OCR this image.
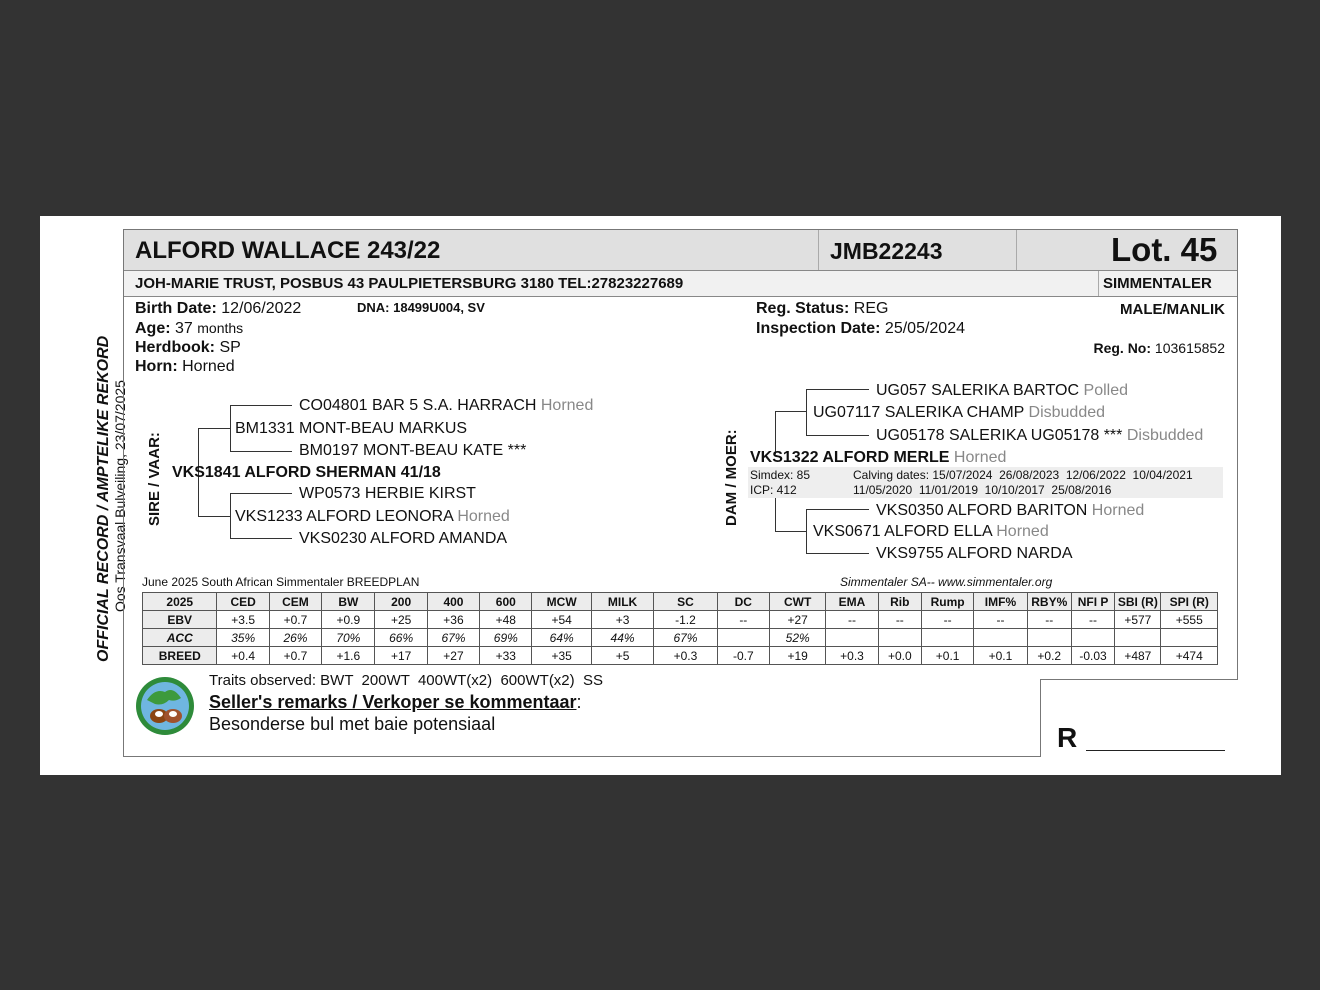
OFFICIAL RECORD / AMPTELIKE REKORD Oos Transvaal Bulveiling, 23/07/2025
ALFORD WALLACE 243/22	JMB22243	Lot. 45
JOH-MARIE TRUST, POSBUS 43 PAULPIETERSBURG 3180 TEL:27823227689	SIMMENTALER
Birth Date: 12/06/2022	DNA: 18499U004, SV
Age: 37 months
Herdbook: SP
Horn: Horned
Reg. Status: REG
Inspection Date: 25/05/2024
MALE/MANLIK
Reg. No: 103615852
SIRE / VAAR:
CO04801 BAR 5 S.A. HARRACH Horned
BM1331 MONT-BEAU MARKUS
BM0197 MONT-BEAU KATE ***
VKS1841 ALFORD SHERMAN 41/18
WP0573 HERBIE KIRST
VKS1233 ALFORD LEONORA Horned
VKS0230 ALFORD AMANDA
DAM / MOER:
UG057 SALERIKA BARTOC Polled
UG07117 SALERIKA CHAMP Disbudded
UG05178 SALERIKA UG05178 *** Disbudded
VKS1322 ALFORD MERLE Horned
Simdex: 85
ICP: 412
Calving dates: 15/07/2024  26/08/2023  12/06/2022  10/04/2021
11/05/2020  11/01/2019  10/10/2017  25/08/2016
VKS0350 ALFORD BARITON Horned
VKS0671 ALFORD ELLA Horned
VKS9755 ALFORD NARDA
June 2025 South African Simmentaler BREEDPLAN	Simmentaler SA-- www.simmentaler.org
2025	CED	CEM	BW	200	400	600	MCW	MILK	SC	DC	CWT	EMA	Rib	Rump	IMF%	RBY%	NFI P	SBI (R)	SPI (R)
EBV	+3.5	+0.7	+0.9	+25	+36	+48	+54	+3	-1.2	--	+27	--	--	--	--	--	--	+577	+555
ACC	35%	26%	70%	66%	67%	69%	64%	44%	67%		52%								
BREED	+0.4	+0.7	+1.6	+17	+27	+33	+35	+5	+0.3	-0.7	+19	+0.3	+0.0	+0.1	+0.1	+0.2	-0.03	+487	+474
R
Traits observed: BWT  200WT  400WT(x2)  600WT(x2)  SS
Seller's remarks / Verkoper se kommentaar:
Besonderse bul met baie potensiaal
